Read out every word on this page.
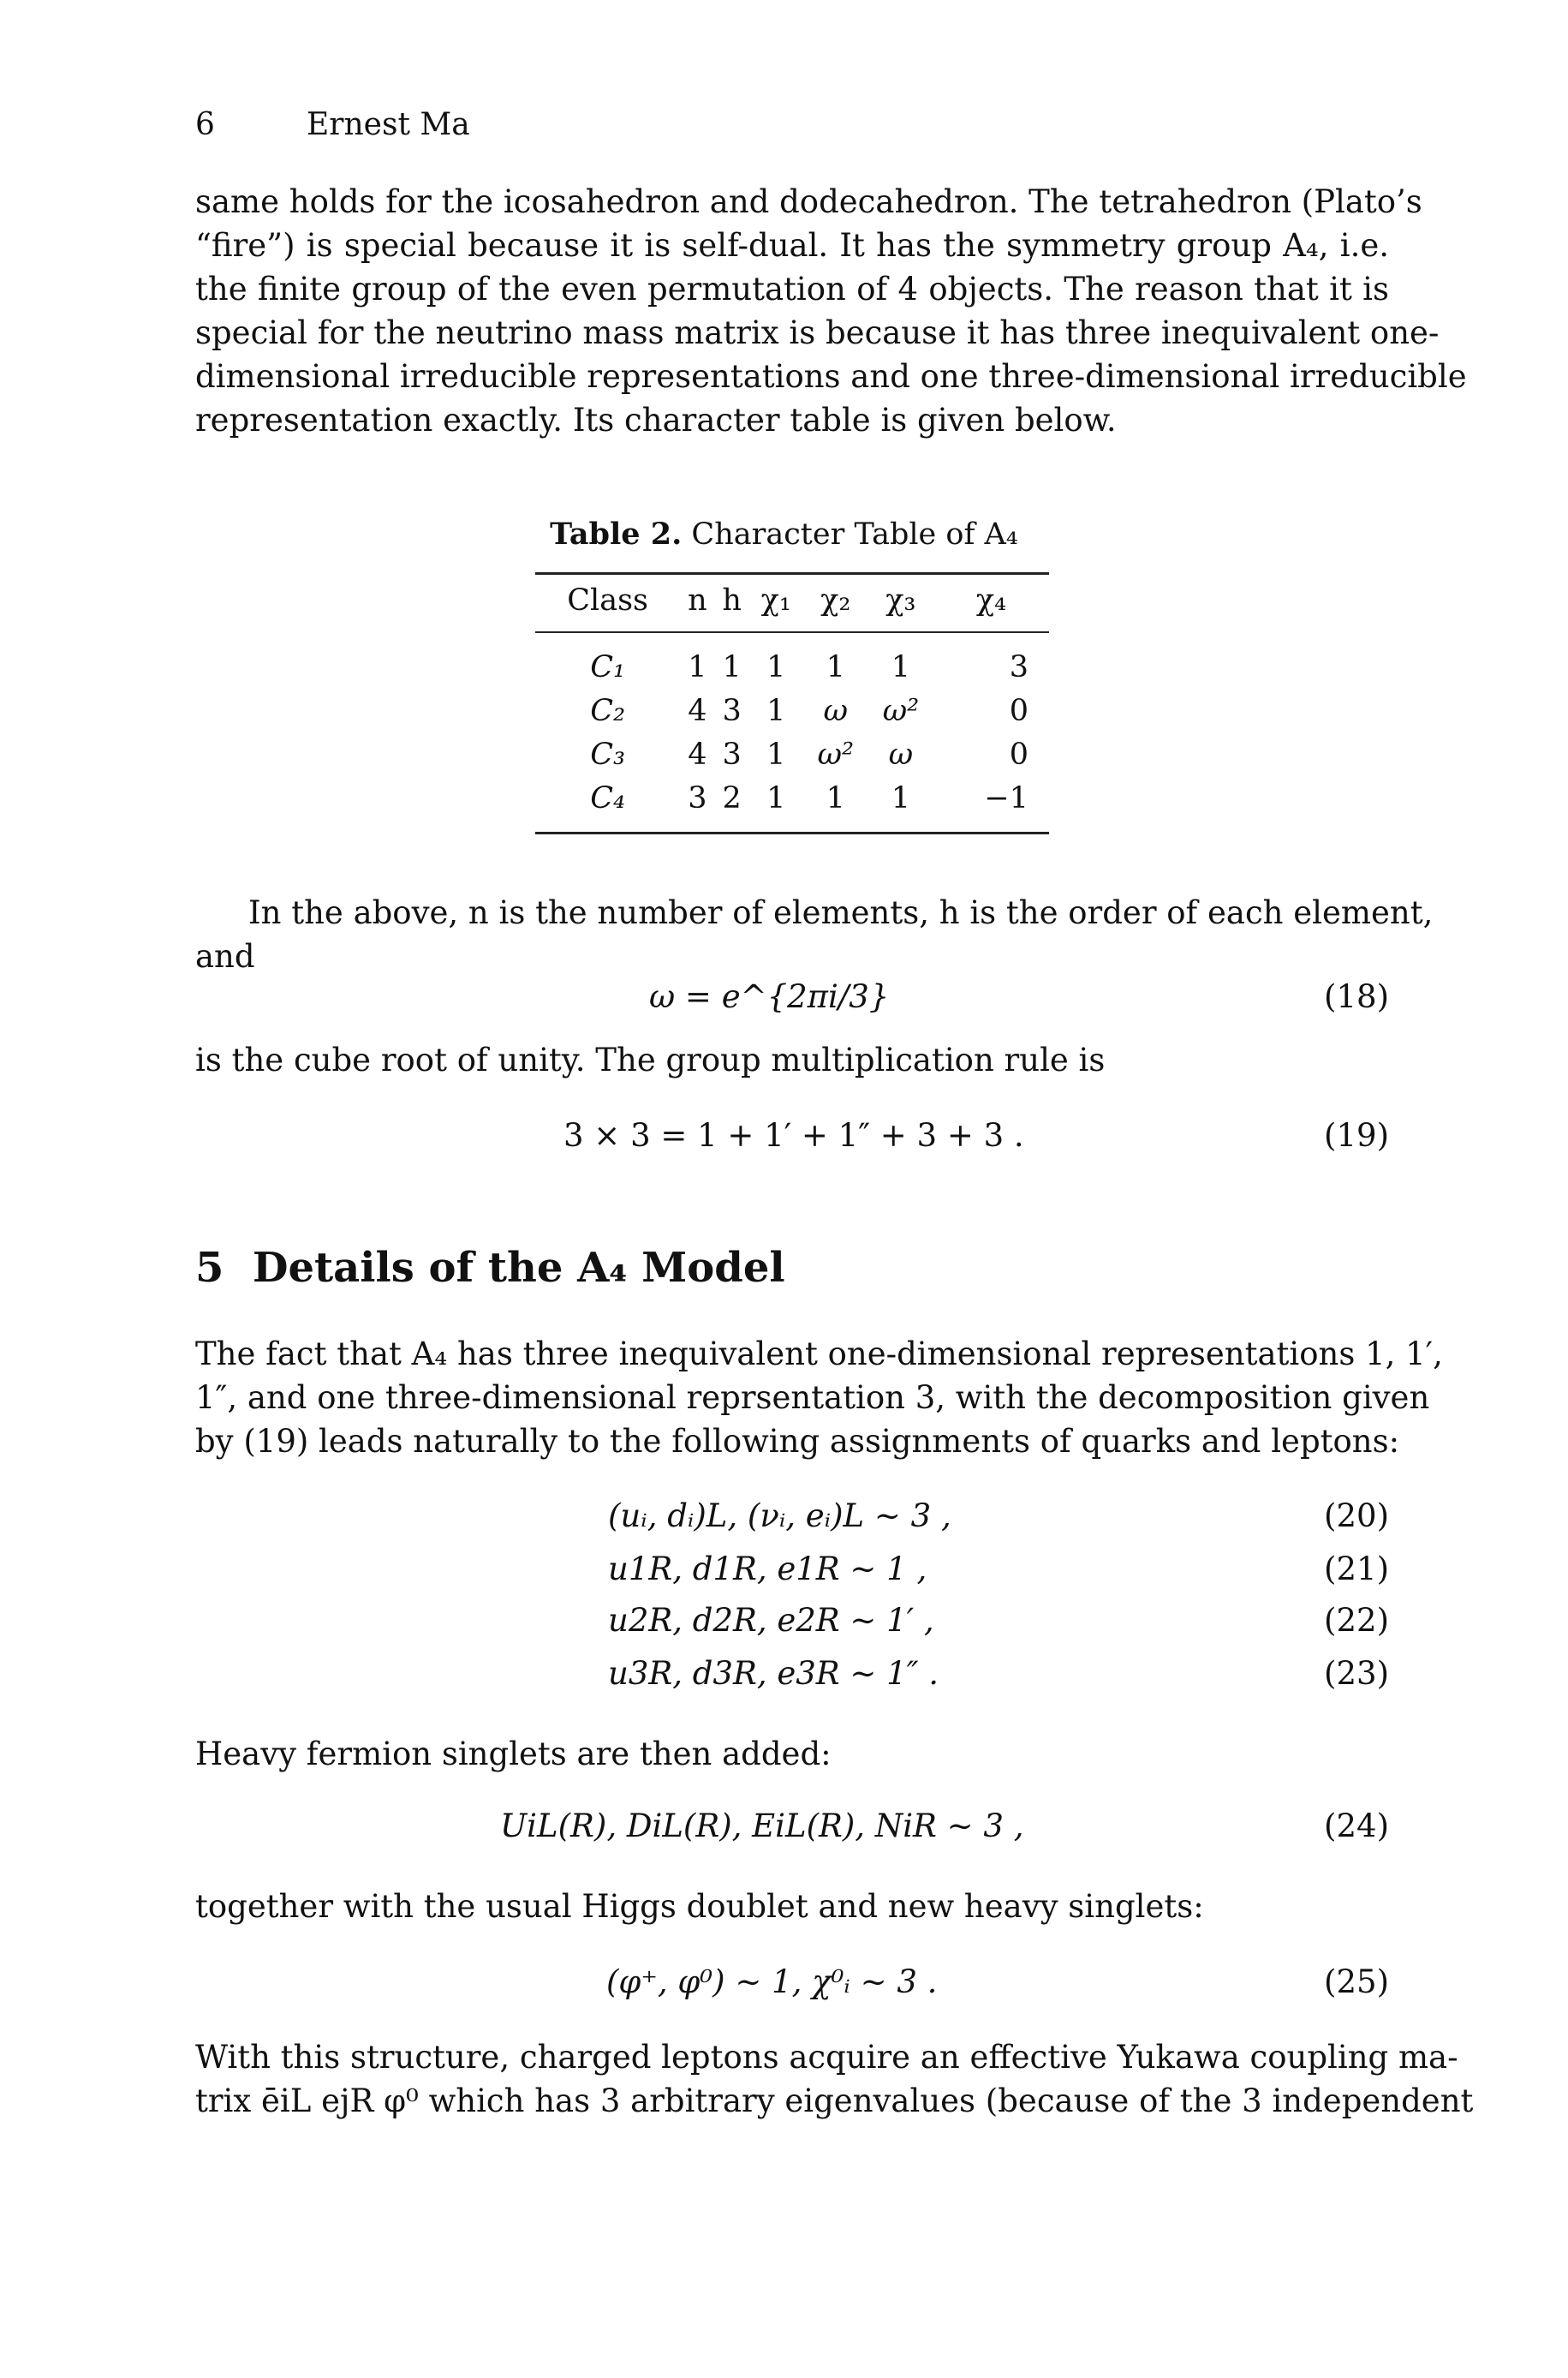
6	Ernest Ma
same holds for the icosahedron and dodecahedron. The tetrahedron (Plato’s
“fire”) is special because it is self-dual. It has the symmetry group A₄, i.e.
the finite group of the even permutation of 4 objects. The reason that it is
special for the neutrino mass matrix is because it has three inequivalent one-
dimensional irreducible representations and one three-dimensional irreducible
representation exactly. Its character table is given below.
Table 2. Character Table of A₄
Class	n	h	χ₁	χ₂	χ₃	χ₄
C₁	1	1	1	1	1	3
C₂	4	3	1	ω	ω²	0
C₃	4	3	1	ω²	ω	0
C₄	3	2	1	1	1	−1
In the above, n is the number of elements, h is the order of each element,
and
ω = e^{2πi/3}	(18)
is the cube root of unity. The group multiplication rule is
3 × 3 = 1 + 1′ + 1″ + 3 + 3 .	(19)
5 Details of the A₄ Model
The fact that A₄ has three inequivalent one-dimensional representations 1, 1′,
1″, and one three-dimensional reprsentation 3, with the decomposition given
by (19) leads naturally to the following assignments of quarks and leptons:
(uᵢ, dᵢ)L, (νᵢ, eᵢ)L ∼ 3 ,	(20)
u1R, d1R, e1R ∼ 1 ,	(21)
u2R, d2R, e2R ∼ 1′ ,	(22)
u3R, d3R, e3R ∼ 1″ .	(23)
Heavy fermion singlets are then added:
UiL(R), DiL(R), EiL(R), NiR ∼ 3 ,	(24)
together with the usual Higgs doublet and new heavy singlets:
(φ⁺, φ⁰) ∼ 1, χ⁰ᵢ ∼ 3 .	(25)
With this structure, charged leptons acquire an effective Yukawa coupling ma-
trix ēiL ejR φ⁰ which has 3 arbitrary eigenvalues (because of the 3 independent
